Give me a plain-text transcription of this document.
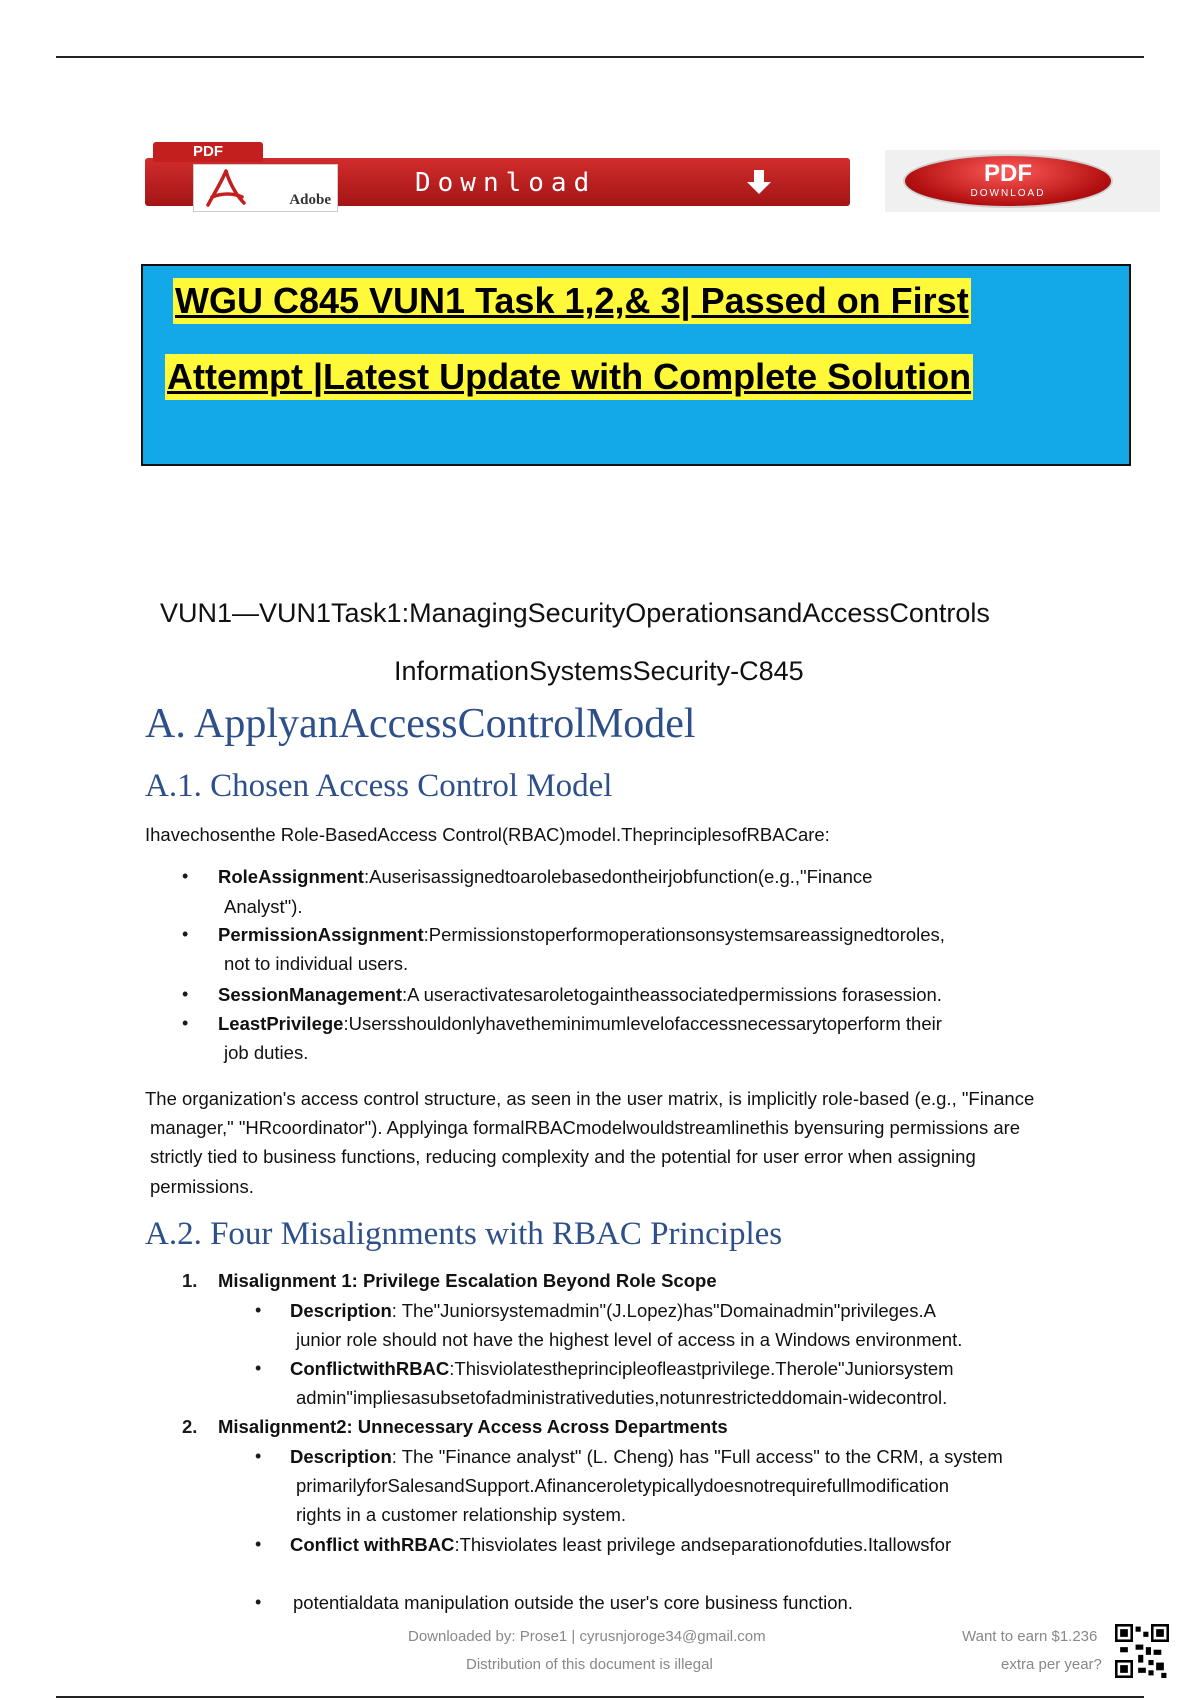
Adobe
Download
PDF
PDF
DOWNLOAD
WGU C845 VUN1 Task 1,2,& 3| Passed on First
Attempt |Latest Update with Complete Solution
VUN1—VUN1Task1:ManagingSecurityOperationsandAccessControls
InformationSystemsSecurity-C845
A. ApplyanAccessControlModel
A.1. Chosen Access Control Model
Ihavechosenthe Role-BasedAccess Control(RBAC)model.TheprinciplesofRBACare:
• RoleAssignment:Auserisassignedtoarolebasedontheirjobfunction(e.g.,"Finance
Analyst").
• PermissionAssignment:Permissionstoperformoperationsonsystemsareassignedtoroles,
not to individual users.
• SessionManagement:A useractivatesaroletogaintheassociatedpermissions forasession.
• LeastPrivilege:Usersshouldonlyhavetheminimumlevelofaccessnecessarytoperform their
job duties.
The organization's access control structure, as seen in the user matrix, is implicitly role-based (e.g., "Finance
manager," "HRcoordinator"). Applyinga formalRBACmodelwouldstreamlinethis byensuring permissions are
strictly tied to business functions, reducing complexity and the potential for user error when assigning
permissions.
A.2. Four Misalignments with RBAC Principles
1. Misalignment 1: Privilege Escalation Beyond Role Scope
• Description: The"Juniorsystemadmin"(J.Lopez)has"Domainadmin"privileges.A
junior role should not have the highest level of access in a Windows environment.
• ConflictwithRBAC:Thisviolatestheprincipleofleastprivilege.Therole"Juniorsystem
admin"impliesasubsetofadministrativeduties,notunrestricteddomain-widecontrol.
2. Misalignment2: Unnecessary Access Across Departments
• Description: The "Finance analyst" (L. Cheng) has "Full access" to the CRM, a system
primarilyforSalesandSupport.Afinanceroletypicallydoesnotrequirefullmodification
rights in a customer relationship system.
• Conflict withRBAC:Thisviolates least privilege andseparationofduties.Itallowsfor
• potentialdata manipulation outside the user's core business function.
Downloaded by: Prose1 | cyrusnjoroge34@gmail.com
Distribution of this document is illegal
Want to earn $1.236
extra per year?
